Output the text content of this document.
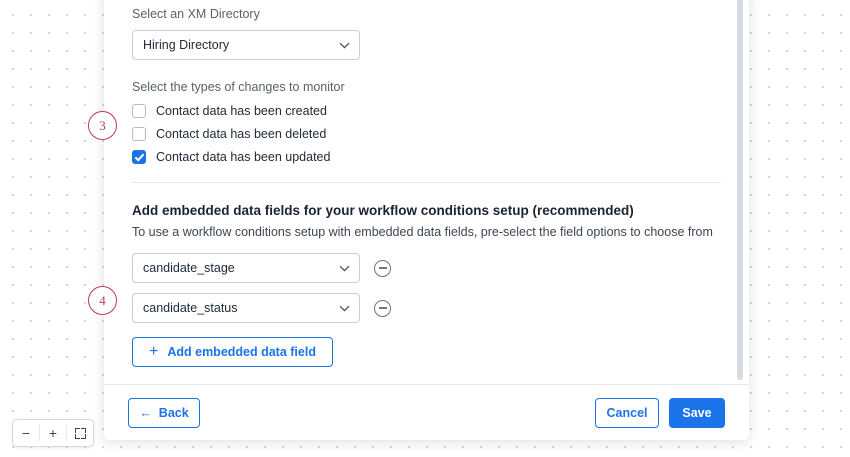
Select an XM Directory
Hiring Directory
Select the types of changes to monitor
Contact data has been created
Contact data has been deleted
Contact data has been updated
Add embedded data fields for your workflow conditions setup (recommended)
To use a workflow conditions setup with embedded data fields, pre-select the field options to choose from
candidate_stage
candidate_status
+ Add embedded data field
← Back	Cancel	Save
3
4
−	+
